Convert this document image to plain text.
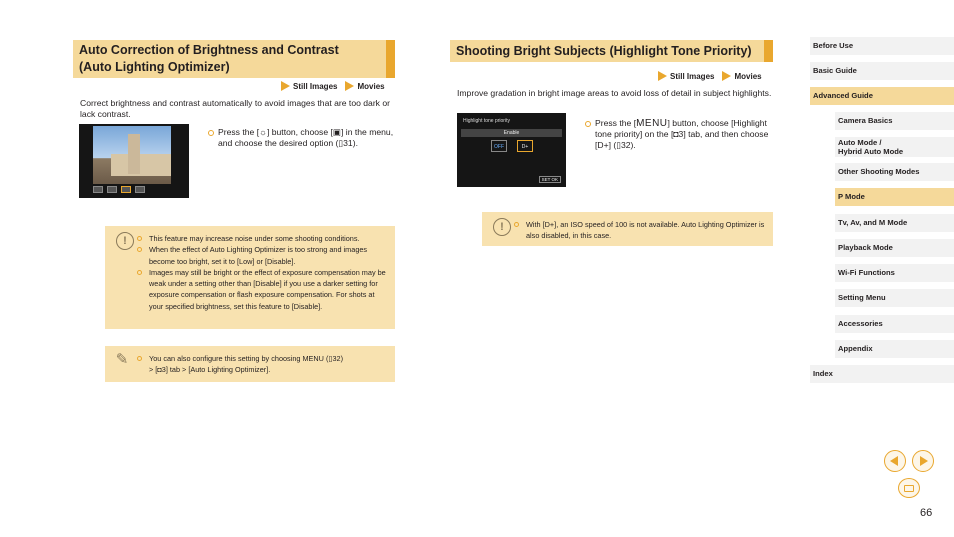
Auto Correction of Brightness and Contrast
(Auto Lighting Optimizer)
Still Images	Movies
Correct brightness and contrast automatically to avoid images that are too dark or lack contrast.
Press the [☼] button, choose [▣] in the menu, and choose the desired option (▯31).
!	This feature may increase noise under some shooting conditions.
When the effect of Auto Lighting Optimizer is too strong and images become too bright, set it to [Low] or [Disable].
Images may still be bright or the effect of exposure compensation may be weak under a setting other than [Disable] if you use a darker setting for exposure compensation or flash exposure compensation. For shots at your specified brightness, set this feature to [Disable].
✎	You can also configure this setting by choosing MENU (▯32)
> [◘3] tab > [Auto Lighting Optimizer].
Shooting Bright Subjects (Highlight Tone Priority)
Still Images	Movies
Improve gradation in bright image areas to avoid loss of detail in subject highlights.
Highlight tone priority
Enable
OFF	D+
SET OK
Press the [MENU] button, choose [Highlight tone priority] on the [◘3] tab, and then choose [D+] (▯32).
!	With [D+], an ISO speed of 100 is not available. Auto Lighting Optimizer is also disabled, in this case.
Before Use
Basic Guide
Advanced Guide
Camera Basics
Auto Mode /
Hybrid Auto Mode
Other Shooting Modes
P Mode
Tv, Av, and M Mode
Playback Mode
Wi-Fi Functions
Setting Menu
Accessories
Appendix
Index
66
